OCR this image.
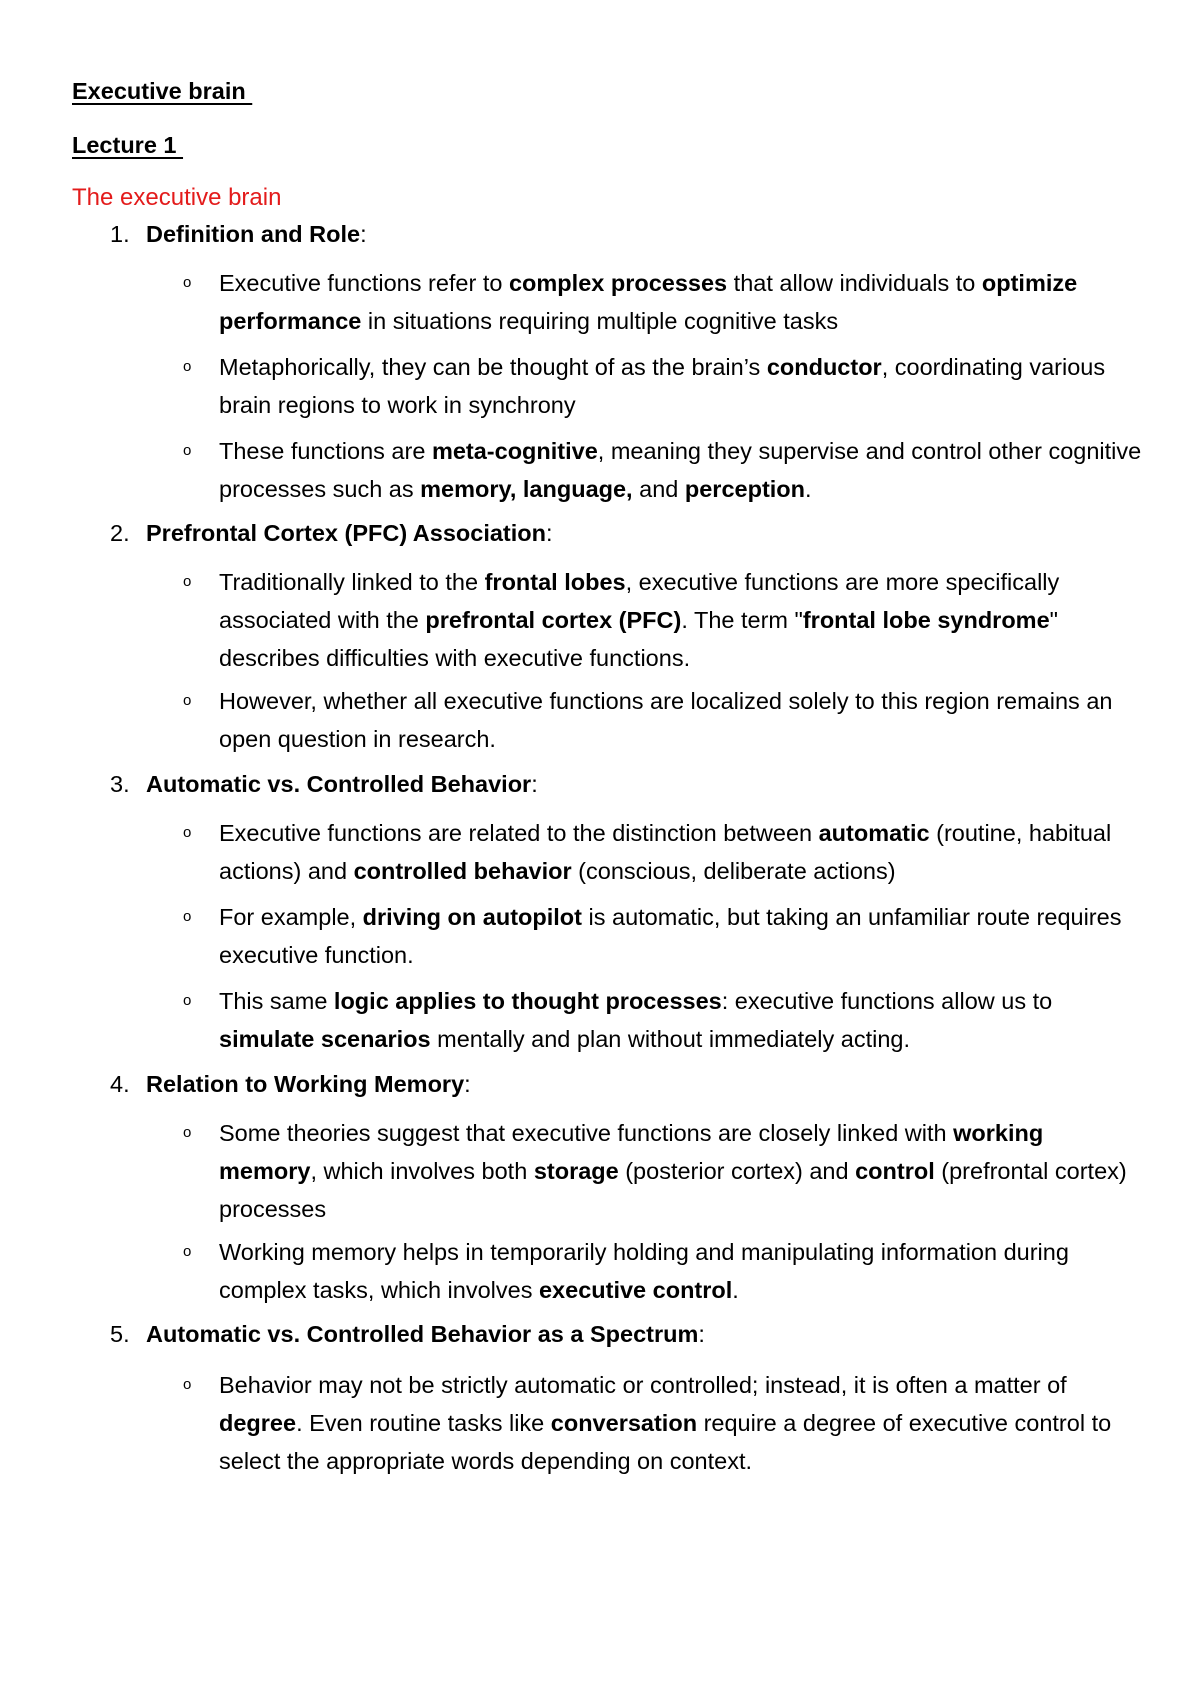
Executive brain
Lecture 1
The executive brain
1. Definition and Role:
o Executive functions refer to complex processes that allow individuals to optimize performance in situations requiring multiple cognitive tasks
o Metaphorically, they can be thought of as the brain’s conductor, coordinating various brain regions to work in synchrony
o These functions are meta-cognitive, meaning they supervise and control other cognitive processes such as memory, language, and perception.
2. Prefrontal Cortex (PFC) Association:
o Traditionally linked to the frontal lobes, executive functions are more specifically associated with the prefrontal cortex (PFC). The term "frontal lobe syndrome" describes difficulties with executive functions.
o However, whether all executive functions are localized solely to this region remains an open question in research.
3. Automatic vs. Controlled Behavior:
o Executive functions are related to the distinction between automatic (routine, habitual actions) and controlled behavior (conscious, deliberate actions)
o For example, driving on autopilot is automatic, but taking an unfamiliar route requires executive function.
o This same logic applies to thought processes: executive functions allow us to simulate scenarios mentally and plan without immediately acting.
4. Relation to Working Memory:
o Some theories suggest that executive functions are closely linked with working memory, which involves both storage (posterior cortex) and control (prefrontal cortex) processes
o Working memory helps in temporarily holding and manipulating information during complex tasks, which involves executive control.
5. Automatic vs. Controlled Behavior as a Spectrum:
o Behavior may not be strictly automatic or controlled; instead, it is often a matter of degree. Even routine tasks like conversation require a degree of executive control to select the appropriate words depending on context.
